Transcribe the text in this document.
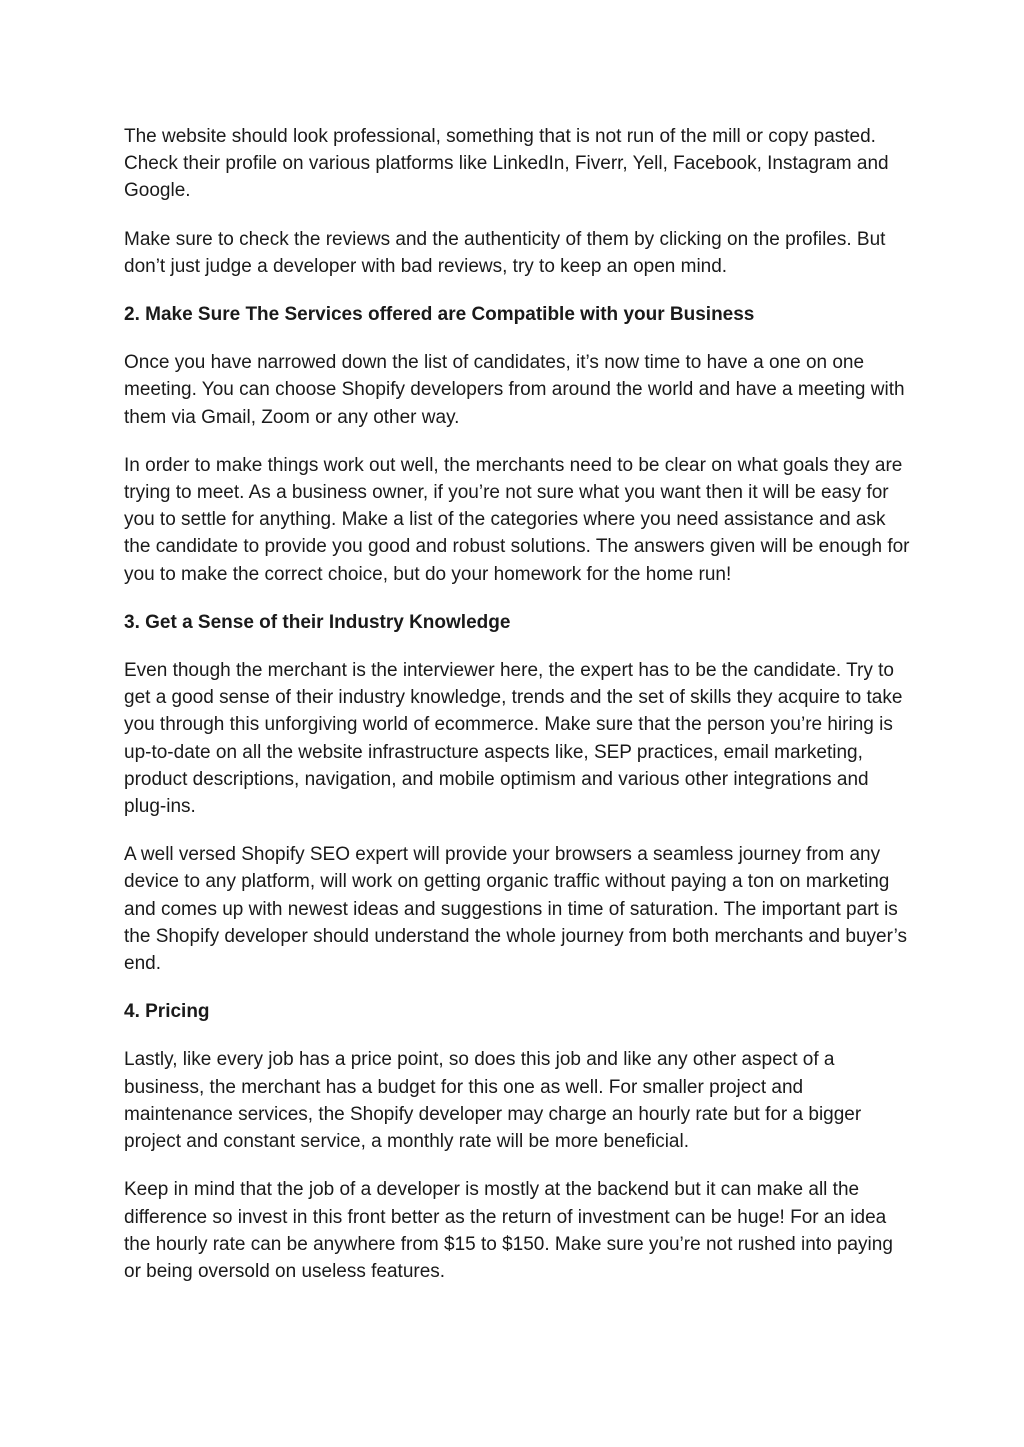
The website should look professional, something that is not run of the mill or copy pasted. Check their profile on various platforms like LinkedIn, Fiverr, Yell, Facebook, Instagram and Google.

Make sure to check the reviews and the authenticity of them by clicking on the profiles. But don’t just judge a developer with bad reviews, try to keep an open mind.

2. Make Sure The Services offered are Compatible with your Business

Once you have narrowed down the list of candidates, it’s now time to have a one on one meeting. You can choose Shopify developers from around the world and have a meeting with them via Gmail, Zoom or any other way.

In order to make things work out well, the merchants need to be clear on what goals they are trying to meet. As a business owner, if you’re not sure what you want then it will be easy for you to settle for anything. Make a list of the categories where you need assistance and ask the candidate to provide you good and robust solutions. The answers given will be enough for you to make the correct choice, but do your homework for the home run!

3. Get a Sense of their Industry Knowledge

Even though the merchant is the interviewer here, the expert has to be the candidate. Try to get a good sense of their industry knowledge, trends and the set of skills they acquire to take you through this unforgiving world of ecommerce. Make sure that the person you’re hiring is up-to-date on all the website infrastructure aspects like, SEP practices, email marketing, product descriptions, navigation, and mobile optimism and various other integrations and plug-ins.

A well versed Shopify SEO expert will provide your browsers a seamless journey from any device to any platform, will work on getting organic traffic without paying a ton on marketing and comes up with newest ideas and suggestions in time of saturation. The important part is the Shopify developer should understand the whole journey from both merchants and buyer’s end.

4. Pricing

Lastly, like every job has a price point, so does this job and like any other aspect of a business, the merchant has a budget for this one as well. For smaller project and maintenance services, the Shopify developer may charge an hourly rate but for a bigger project and constant service, a monthly rate will be more beneficial.

Keep in mind that the job of a developer is mostly at the backend but it can make all the difference so invest in this front better as the return of investment can be huge! For an idea the hourly rate can be anywhere from $15 to $150. Make sure you’re not rushed into paying or being oversold on useless features.
